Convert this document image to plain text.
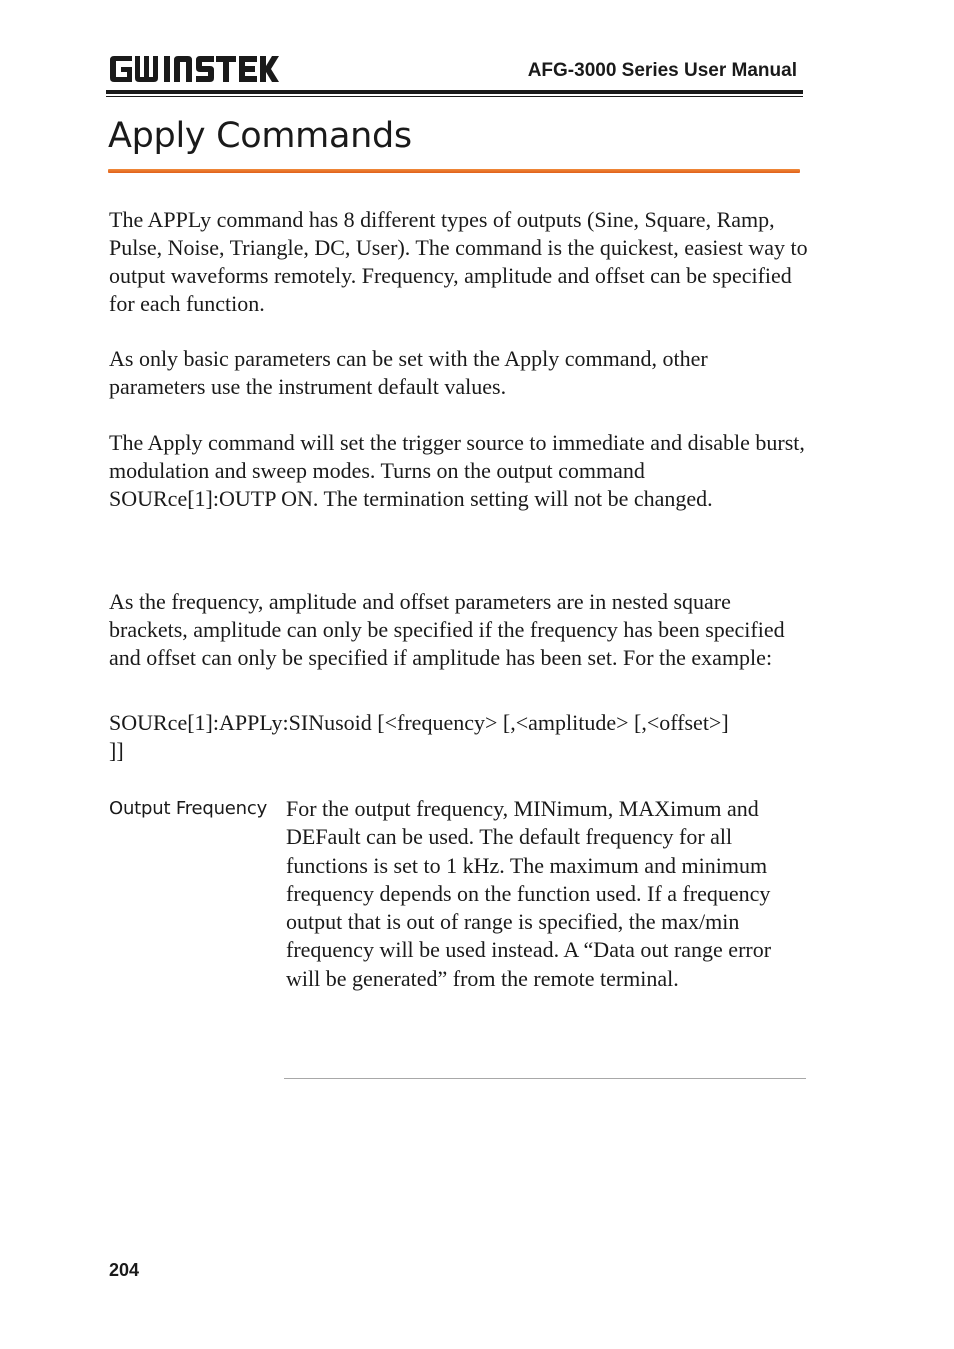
AFG-3000 Series User Manual
Apply Commands

The APPLy command has 8 different types of outputs (Sine, Square, Ramp, Pulse, Noise, Triangle, DC, User). The command is the quickest, easiest way to output waveforms remotely. Frequency, amplitude and offset can be specified for each function.

As only basic parameters can be set with the Apply command, other parameters use the instrument default values.

The Apply command will set the trigger source to immediate and disable burst, modulation and sweep modes. Turns on the output command SOURce[1]:OUTP ON. The termination setting will not be changed.

As the frequency, amplitude and offset parameters are in nested square brackets, amplitude can only be specified if the frequency has been specified and offset can only be specified if amplitude has been set. For the example:

SOURce[1]:APPLy:SINusoid [<frequency> [,<amplitude> [,<offset>] ]]

Output Frequency For the output frequency, MINimum, MAXimum and DEFault can be used. The default frequency for all functions is set to 1 kHz. The maximum and minimum frequency depends on the function used. If a frequency output that is out of range is specified, the max/min frequency will be used instead. A “Data out range error will be generated” from the remote terminal.

204
